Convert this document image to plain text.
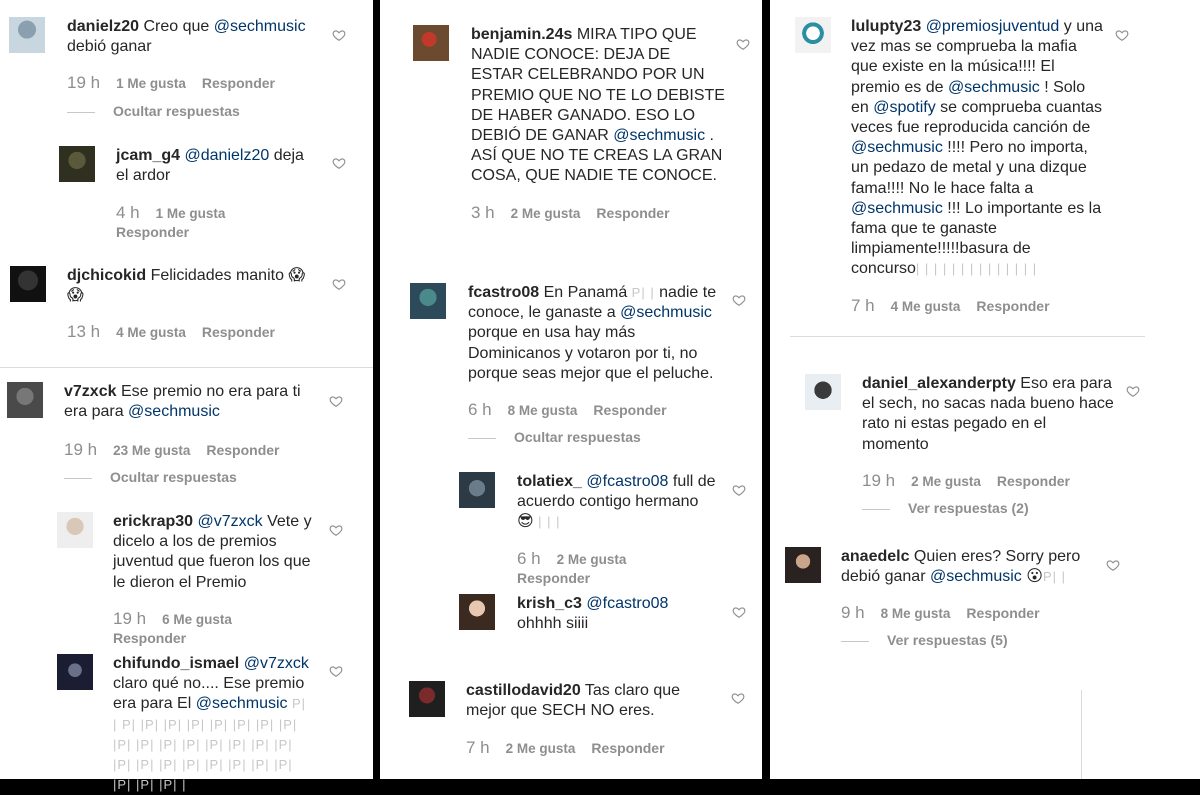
danielz20 Creo que @sechmusic debió ganar
19 h 1 Me gusta Responder
Ocultar respuestas
jcam_g4 @danielz20 deja el ardor
4 h 1 Me gusta
Responder
djchicokid Felicidades manito 😱 😱
13 h 4 Me gusta Responder
v7zxck Ese premio no era para ti era para @sechmusic
19 h 23 Me gusta Responder
Ocultar respuestas
erickrap30 @v7zxck Vete y dicelo a los de premios juventud que fueron los que le dieron el Premio
19 h 6 Me gusta
Responder
chifundo_ismael @v7zxck claro qué no.... Ese premio era para El @sechmusic P| | P| |P| |P| |P| |P| |P| |P| |P| |P| |P| |P| |P| |P| |P| |P| |P| |P| |P| |P| |P| |P| |P| |P| |P| |P| |P| |P| |
benjamin.24s MIRA TIPO QUE NADIE CONOCE: DEJA DE ESTAR CELEBRANDO POR UN PREMIO QUE NO TE LO DEBISTE DE HABER GANADO. ESO LO DEBIÓ DE GANAR @sechmusic . ASÍ QUE NO TE CREAS LA GRAN COSA, QUE NADIE TE CONOCE.
3 h 2 Me gusta Responder
fcastro08 En Panamá P| | nadie te conoce, le ganaste a @sechmusic porque en usa hay más Dominicanos y votaron por ti, no porque seas mejor que el peluche.
6 h 8 Me gusta Responder
Ocultar respuestas
tolatiex_ @fcastro08 full de acuerdo contigo hermano 😎 | | |
6 h 2 Me gusta
Responder
krish_c3 @fcastro08 ohhhh siiii
castillodavid20 Tas claro que mejor que SECH NO eres.
7 h 2 Me gusta Responder
lulupty23 @premiosjuventud y una vez mas se comprueba la mafia que existe en la música!!!! El premio es de @sechmusic ! Solo en @spotify se comprueba cuantas veces fue reproducida canción de @sechmusic !!!! Pero no importa, un pedazo de metal y una dizque fama!!!! No le hace falta a @sechmusic !!! Lo importante es la fama que te ganaste limpiamente!!!!!basura de concurso| | | | | | | | | | | | | |
7 h 4 Me gusta Responder
daniel_alexanderpty Eso era para el sech, no sacas nada bueno hace rato ni estas pegado en el momento
19 h 2 Me gusta Responder
Ver respuestas (2)
anaedelc Quien eres? Sorry pero debió ganar @sechmusic 😮P| |
9 h 8 Me gusta Responder
Ver respuestas (5)
